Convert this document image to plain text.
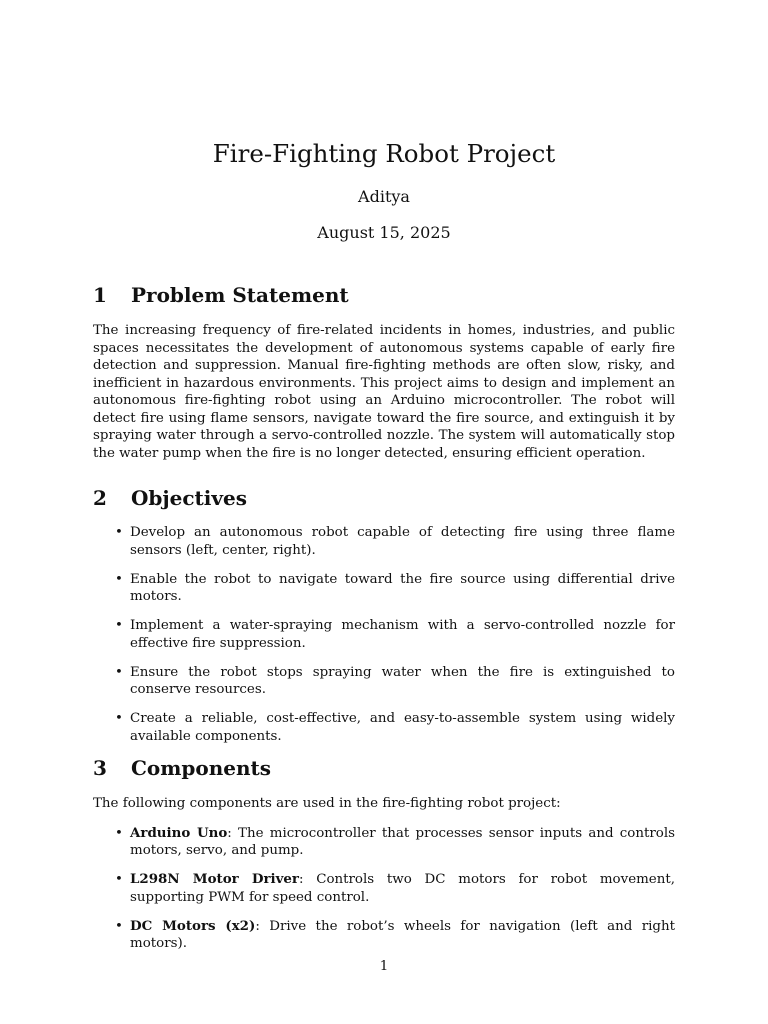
Fire-Fighting Robot Project
Aditya
August 15, 2025
1 Problem Statement

The increasing frequency of fire-related incidents in homes, industries, and public spaces necessitates the development of autonomous systems capable of early fire detection and suppression. Manual fire-fighting methods are often slow, risky, and inefficient in hazardous environments. This project aims to design and implement an autonomous fire-fighting robot using an Arduino microcontroller. The robot will detect fire using flame sensors, navigate toward the fire source, and extinguish it by spraying water through a servo-controlled nozzle. The system will automatically stop the water pump when the fire is no longer detected, ensuring efficient operation.

2 Objectives
• Develop an autonomous robot capable of detecting fire using three flame sensors (left, center, right).
• Enable the robot to navigate toward the fire source using differential drive motors.
• Implement a water-spraying mechanism with a servo-controlled nozzle for effective fire suppression.
• Ensure the robot stops spraying water when the fire is extinguished to conserve resources.
• Create a reliable, cost-effective, and easy-to-assemble system using widely available components.
3 Components

The following components are used in the fire-fighting robot project:

• Arduino Uno: The microcontroller that processes sensor inputs and controls motors, servo, and pump.
• L298N Motor Driver: Controls two DC motors for robot movement, supporting PWM for speed control.
• DC Motors (x2): Drive the robot’s wheels for navigation (left and right motors).
1
